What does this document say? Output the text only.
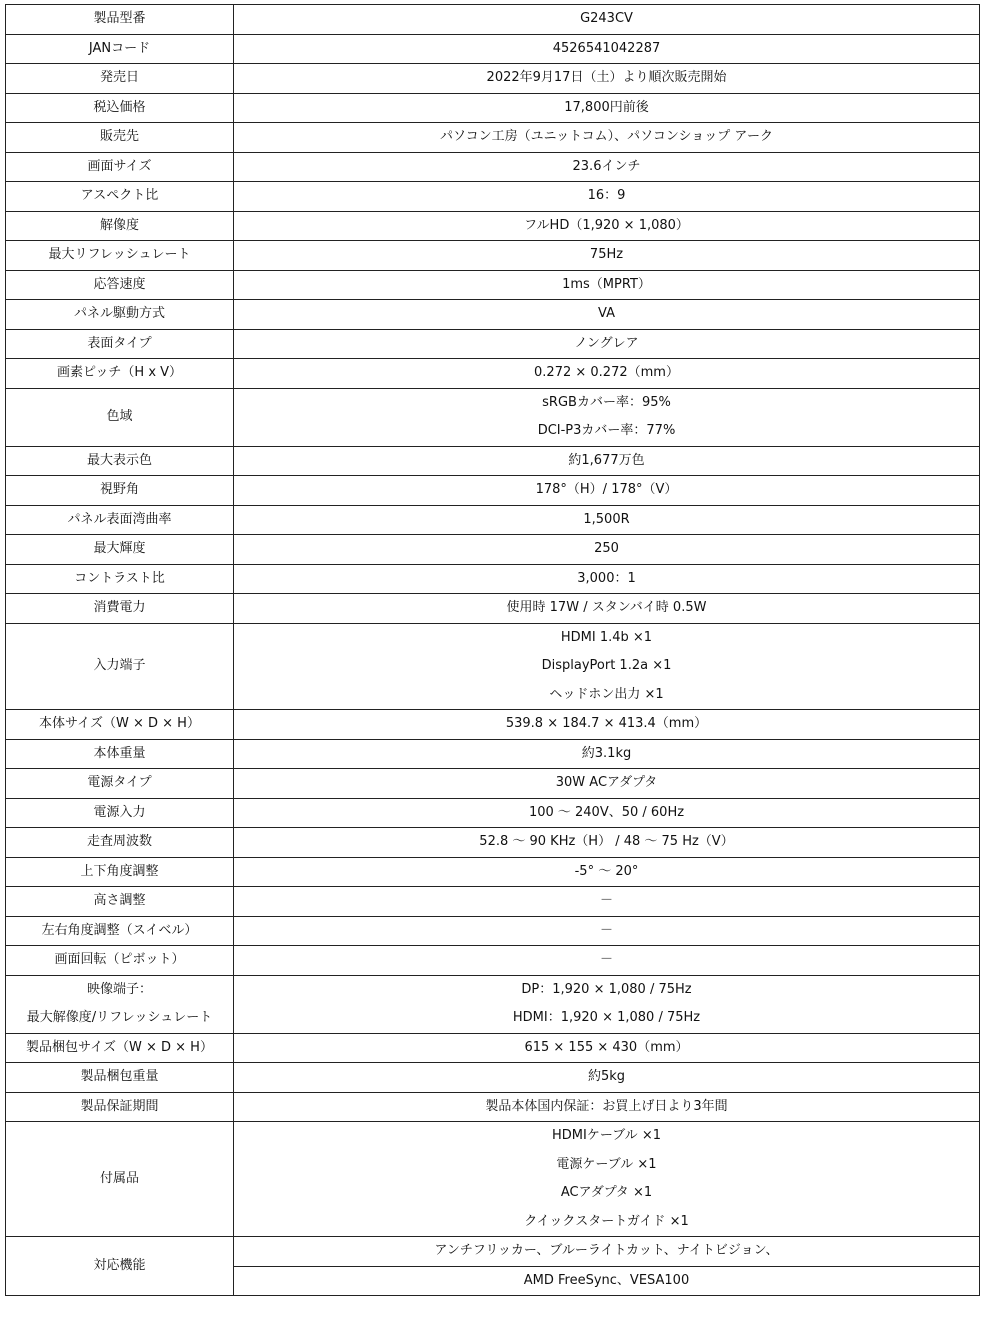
製品型番	G243CV
JANコード	4526541042287
発売日	2022年9月17日（土）より順次販売開始
税込価格	17,800円前後
販売先	パソコン工房（ユニットコム）、パソコンショップ アーク
画面サイズ	23.6インチ
アスペクト比	16：9
解像度	フルHD（1,920 × 1,080）
最大リフレッシュレート	75Hz
応答速度	1ms（MPRT）
パネル駆動方式	VA
表面タイプ	ノングレア
画素ピッチ（H x V）	0.272 × 0.272（mm）
色域	sRGBカバー率：95%
	DCI-P3カバー率：77%
最大表示色	約1,677万色
視野角	178°（H）/ 178°（V）
パネル表面湾曲率	1,500R
最大輝度	250
コントラスト比	3,000：1
消費電力	使用時 17W / スタンバイ時 0.5W
入力端子	HDMI 1.4b ×1
	DisplayPort 1.2a ×1
	ヘッドホン出力 ×1
本体サイズ（W × D × H）	539.8 × 184.7 × 413.4（mm）
本体重量	約3.1kg
電源タイプ	30W ACアダプタ
電源入力	100 ～ 240V、50 / 60Hz
走査周波数	52.8 ～ 90 KHz（H） / 48 ～ 75 Hz（V）
上下角度調整	-5° ～ 20°
高さ調整	－
左右角度調整（スイベル）	－
画面回転（ピボット）	－

映像端子：
最大解像度/リフレッシュレート	DP：1,920 × 1,080 / 75Hz
	HDMI：1,920 × 1,080 / 75Hz
製品梱包サイズ（W × D × H）	615 × 155 × 430（mm）
製品梱包重量	約5kg
製品保証期間	製品本体国内保証：お買上げ日より3年間
付属品	HDMIケーブル ×1
	電源ケーブル ×1
	ACアダプタ ×1
	クイックスタートガイド ×1
対応機能	アンチフリッカー、ブルーライトカット、ナイトビジョン、
	AMD FreeSync、VESA100
